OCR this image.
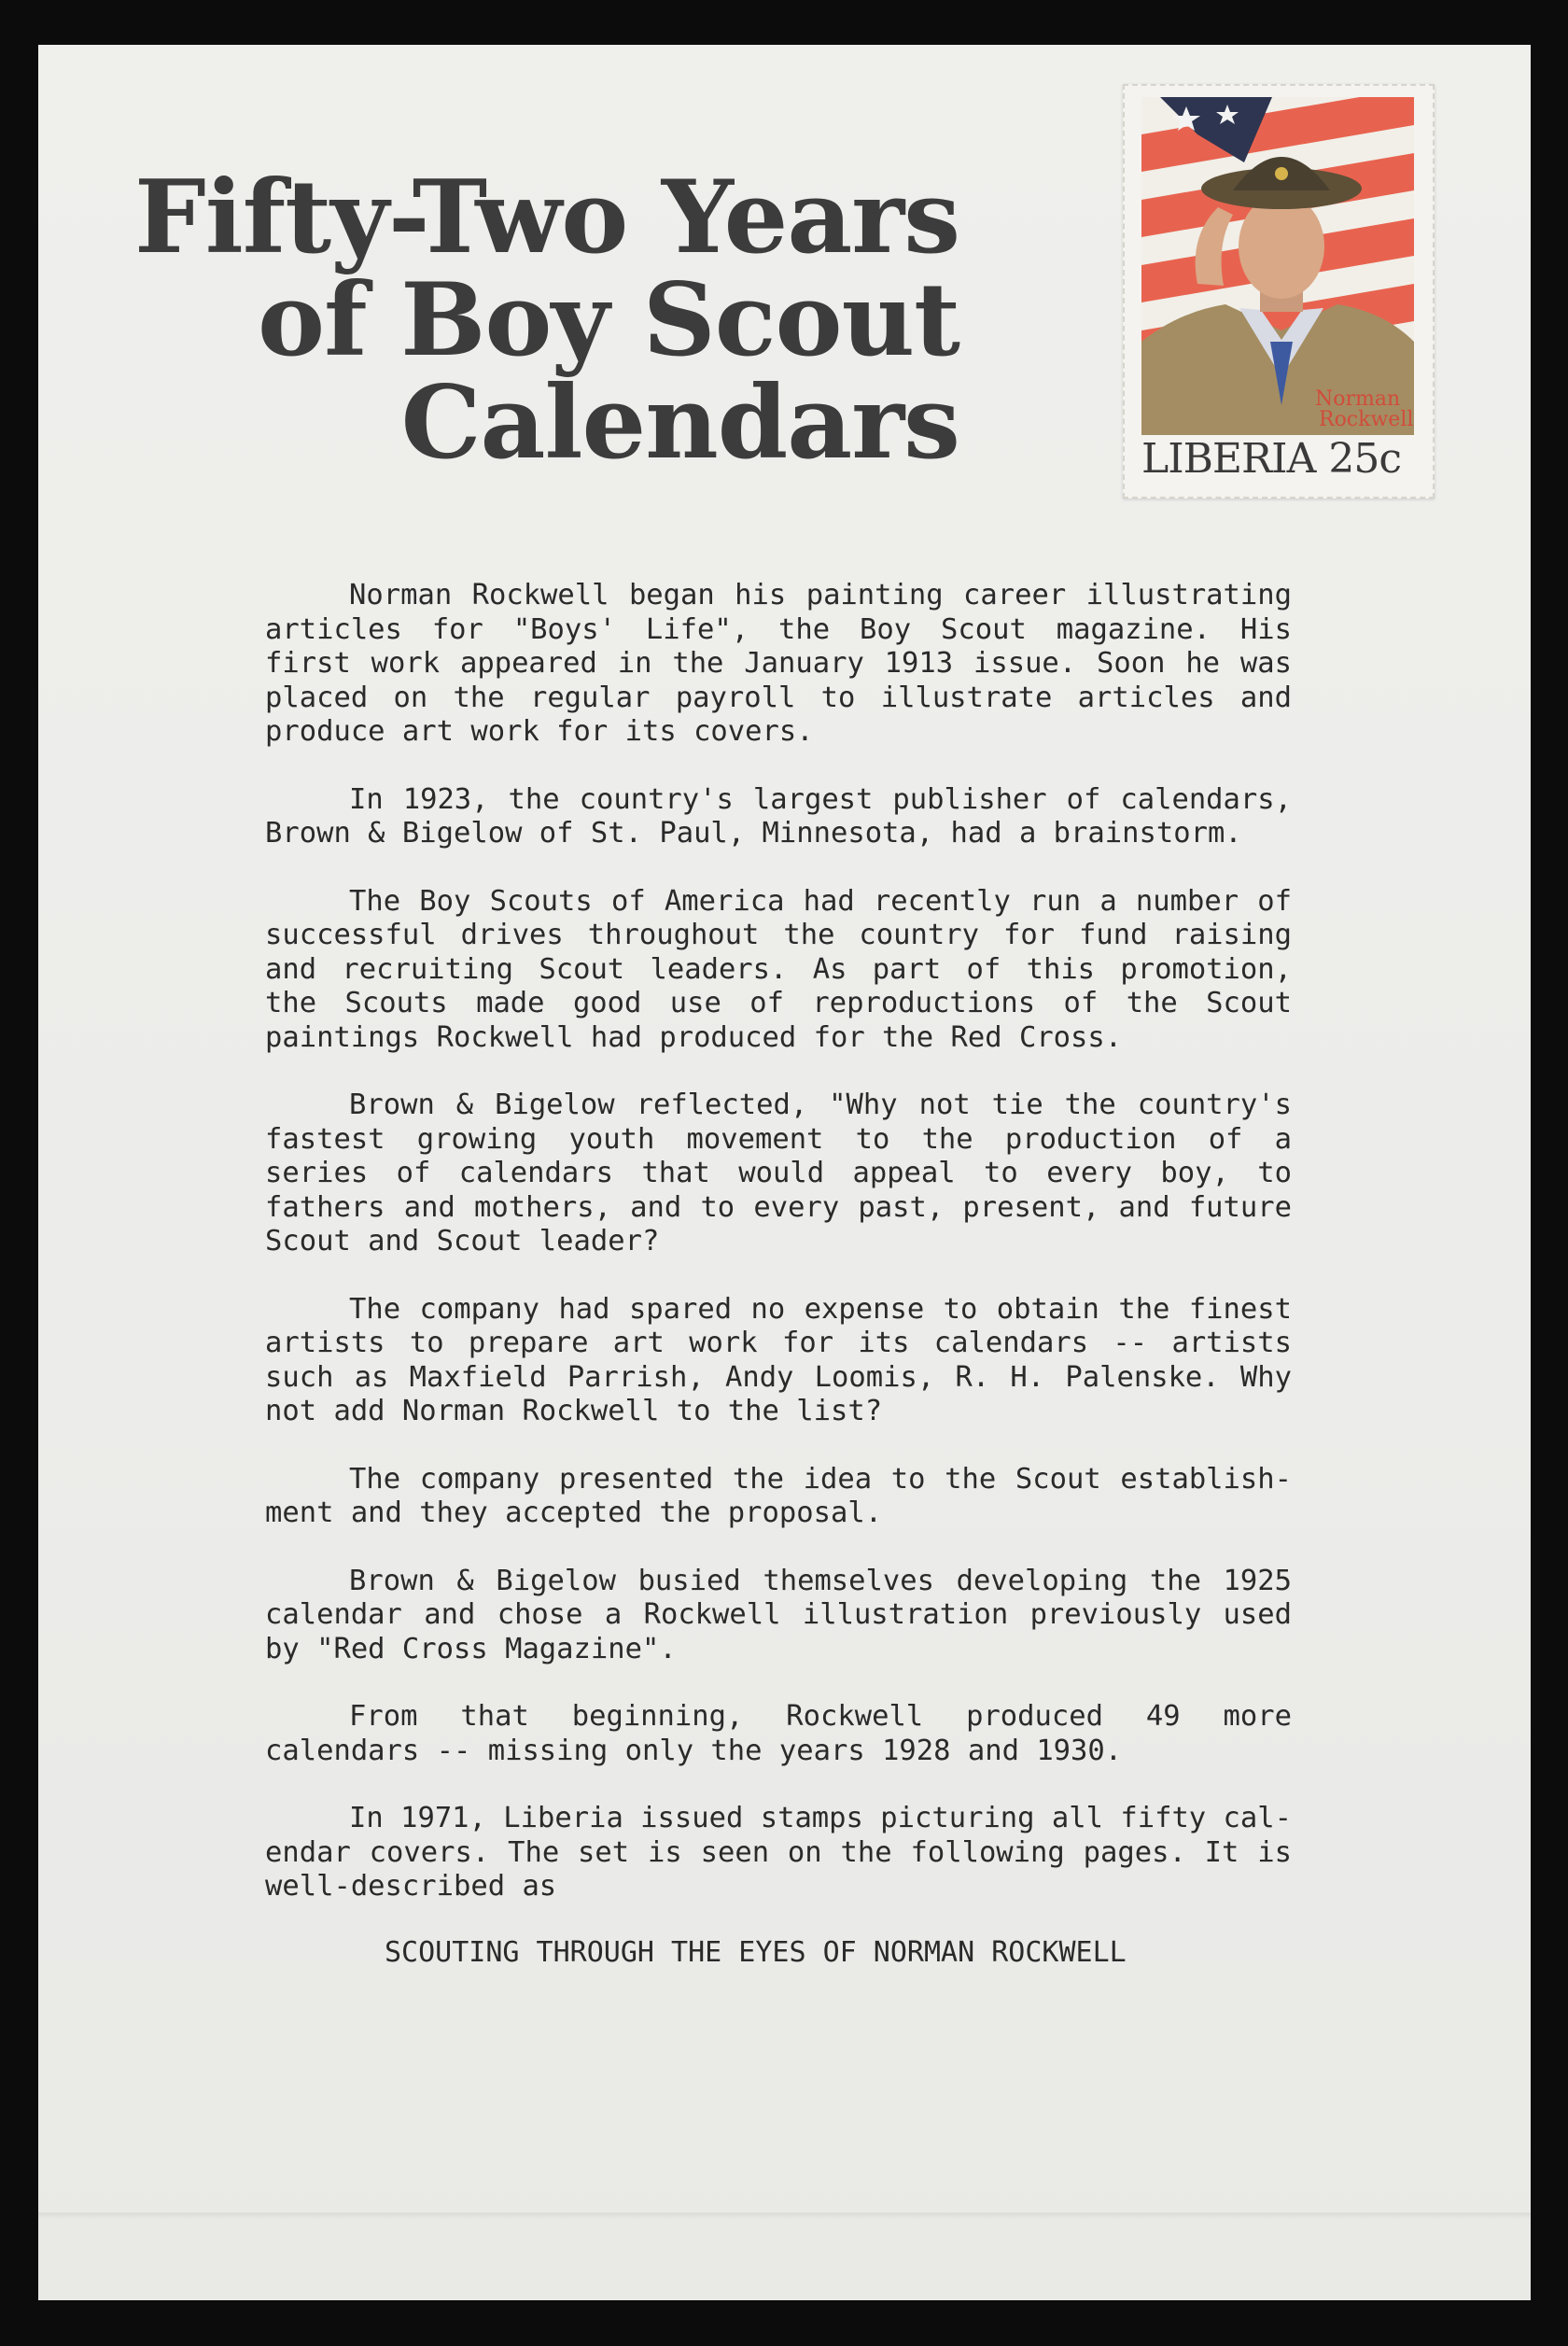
Fifty-Two Years
of Boy Scout
Calendars	Norman
Rockwell
LIBERIA 25c

Norman Rockwell began his painting career illustrating articles for "Boys' Life", the Boy Scout magazine. His first work appeared in the January 1913 issue. Soon he was placed on the regular payroll to illustrate articles and produce art work for its covers.

In 1923, the country's largest publisher of calendars, Brown & Bigelow of St. Paul, Minnesota, had a brainstorm.

The Boy Scouts of America had recently run a number of successful drives throughout the country for fund raising and recruiting Scout leaders. As part of this promotion, the Scouts made good use of reproductions of the Scout paintings Rockwell had produced for the Red Cross.

Brown & Bigelow reflected, "Why not tie the country's fastest growing youth movement to the production of a series of calendars that would appeal to every boy, to fathers and mothers, and to every past, present, and future Scout and Scout leader?

The company had spared no expense to obtain the finest artists to prepare art work for its calendars -- artists such as Maxfield Parrish, Andy Loomis, R. H. Palenske. Why not add Norman Rockwell to the list?

The company presented the idea to the Scout establish- ment and they accepted the proposal.

Brown & Bigelow busied themselves developing the 1925 calendar and chose a Rockwell illustration previously used by "Red Cross Magazine".

From that beginning, Rockwell produced 49 more calendars -- missing only the years 1928 and 1930.

In 1971, Liberia issued stamps picturing all fifty cal- endar covers. The set is seen on the following pages. It is well-described as

SCOUTING THROUGH THE EYES OF NORMAN ROCKWELL
